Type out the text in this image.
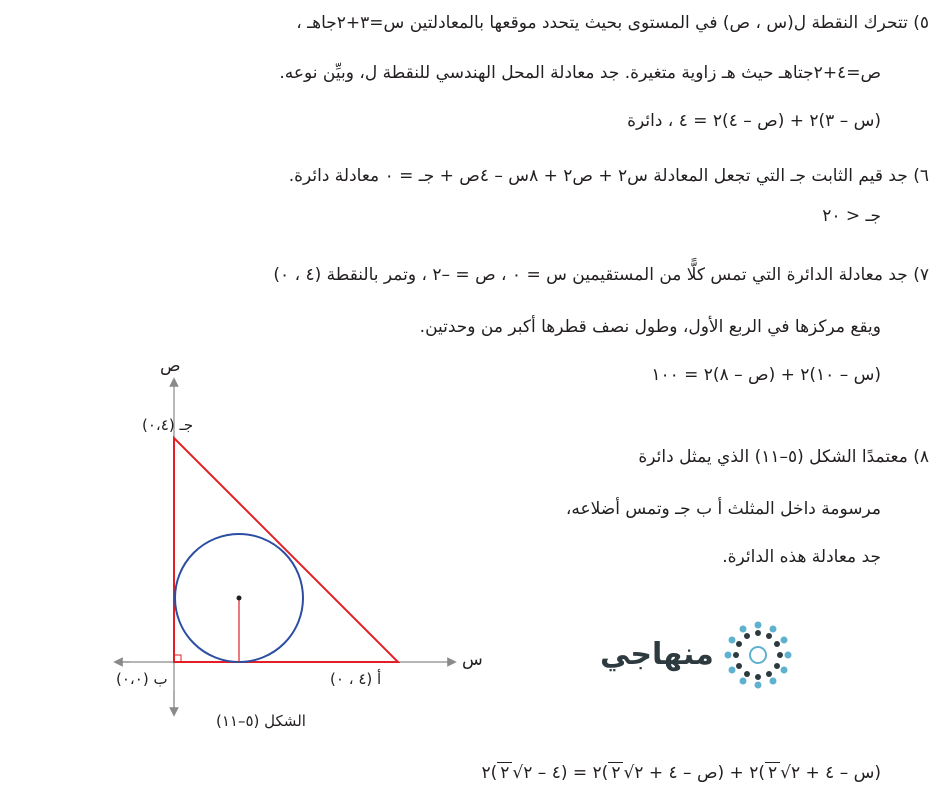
٥) تتحرك النقطة ل(س ، ص) في المستوى بحيث يتحدد موقعها بالمعادلتين س=٣+٢جاهـ ،
ص=٤+٢جتاهـ حيث هـ زاوية متغيرة. جد معادلة المحل الهندسي للنقطة ل، وبيِّن نوعه.
(س – ٣)٢ + (ص – ٤)٢ = ٤ ، دائرة
٦) جد قيم الثابت جـ التي تجعل المعادلة س٢ + ص٢ + ٨س – ٤ص + جـ = ٠ معادلة دائرة.
جـ < ٢٠
٧) جد معادلة الدائرة التي تمس كلًّا من المستقيمين س = ٠ ، ص = –٢ ، وتمر بالنقطة (٤ ، ٠)
ويقع مركزها في الربع الأول، وطول نصف قطرها أكبر من وحدتين.
(س – ١٠)٢ + (ص – ٨)٢ = ١٠٠
٨) معتمدًا الشكل (٥–١١) الذي يمثل دائرة
مرسومة داخل المثلث أ ب جـ وتمس أضلاعه،
جد معادلة هذه الدائرة.
(س – ٤ + ٢√٢)٢ + (ص – ٤ + ٢√٢)٢ = (٤ – ٢√٢)٢
ص
س
جـ (٠،٤)
ب (٠،٠)	أ (٤ ، ٠)
الشكل (٥–١١)
منهاجي
